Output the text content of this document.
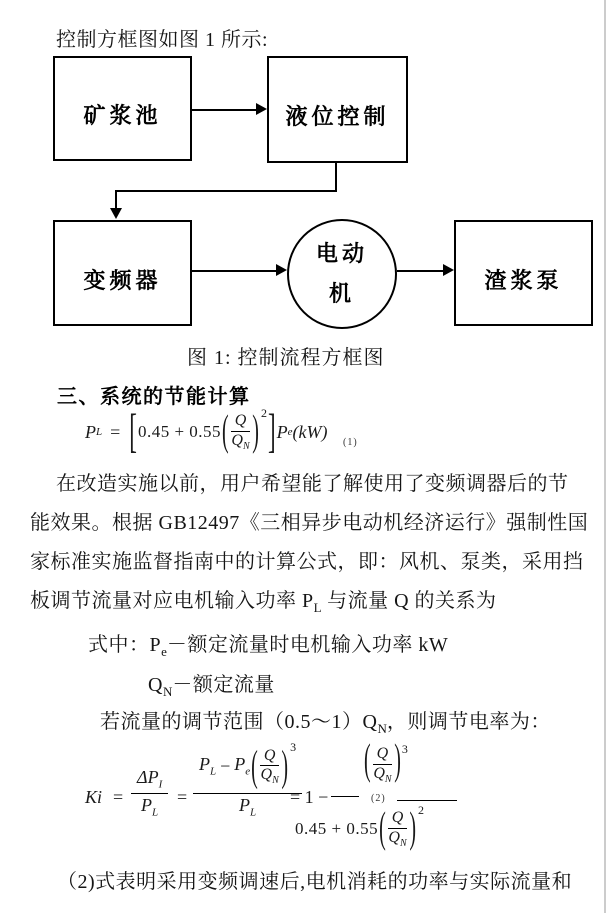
控制方框图如图 1 所示:
矿浆池	液位控制
变频器
电动
机
渣浆泵
图 1: 控制流程方框图
三、系统的节能计算
P L = [ 0.45 + 0.55 ( Q
$Q_N$ ) 2 ] P e (kW)
(1)
在改造实施以前，用户希望能了解使用了变频调器后的节
能效果。根据 GB12497《三相异步电动机经济运行》强制性国
家标准实施监督指南中的计算公式，即：风机、泵类，采用挡
板调节流量对应电机输入功率 $P_L$ 与流量 Q 的关系为
式中：$P_e-$额定流量时电机输入功率 kW
$Q_N-$额定流量
若流量的调节范围$(0.5\sim 1)Q_N$，则调节电率为：
Ki =
$\Delta P_I$
$P_L$
=
$P_L - P_e$ ( Q
$Q_N$ ) 3
$P_L$
= 1 −
( Q
$Q_N$ ) 3
(2)
0.45 + 0.55 ( Q
$Q_N$ ) 2
（2)式表明采用变频调速后,电机消耗的功率与实际流量和
